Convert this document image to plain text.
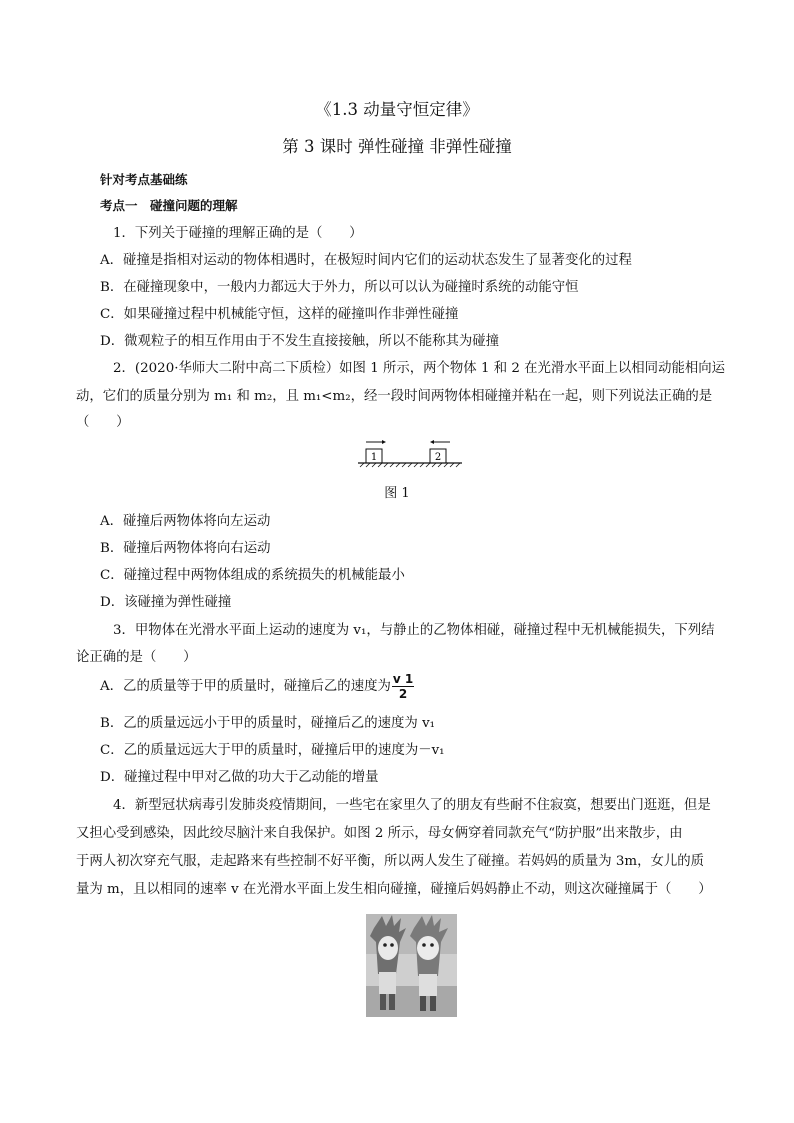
《1.3 动量守恒定律》
第 3 课时 弹性碰撞 非弹性碰撞
针对考点基础练
考点一　碰撞问题的理解
1．下列关于碰撞的理解正确的是（　　）
A．碰撞是指相对运动的物体相遇时，在极短时间内它们的运动状态发生了显著变化的过程
B．在碰撞现象中，一般内力都远大于外力，所以可以认为碰撞时系统的动能守恒
C．如果碰撞过程中机械能守恒，这样的碰撞叫作非弹性碰撞
D．微观粒子的相互作用由于不发生直接接触，所以不能称其为碰撞
2．(2020·华师大二附中高二下质检）如图 1 所示，两个物体 1 和 2 在光滑水平面上以相同动能相向运
动，它们的质量分别为 m₁ 和 m₂，且 m₁<m₂，经一段时间两物体相碰撞并粘在一起，则下列说法正确的是
（　　）
1	2
图 1
A．碰撞后两物体将向左运动
B．碰撞后两物体将向右运动
C．碰撞过程中两物体组成的系统损失的机械能最小
D．该碰撞为弹性碰撞
3．甲物体在光滑水平面上运动的速度为 v₁，与静止的乙物体相碰，碰撞过程中无机械能损失，下列结
论正确的是（　　）
A．乙的质量等于甲的质量时，碰撞后乙的速度为 $\frac{v 1}{2}$
B．乙的质量远远小于甲的质量时，碰撞后乙的速度为 v₁
C．乙的质量远远大于甲的质量时，碰撞后甲的速度为－v₁
D．碰撞过程中甲对乙做的功大于乙动能的增量
4．新型冠状病毒引发肺炎疫情期间，一些宅在家里久了的朋友有些耐不住寂寞，想要出门逛逛，但是
又担心受到感染，因此绞尽脑汁来自我保护。如图 2 所示，母女俩穿着同款充气“防护服”出来散步，由
于两人初次穿充气服，走起路来有些控制不好平衡，所以两人发生了碰撞。若妈妈的质量为 3m，女儿的质
量为 m，且以相同的速率 v 在光滑水平面上发生相向碰撞，碰撞后妈妈静止不动，则这次碰撞属于（　　）
